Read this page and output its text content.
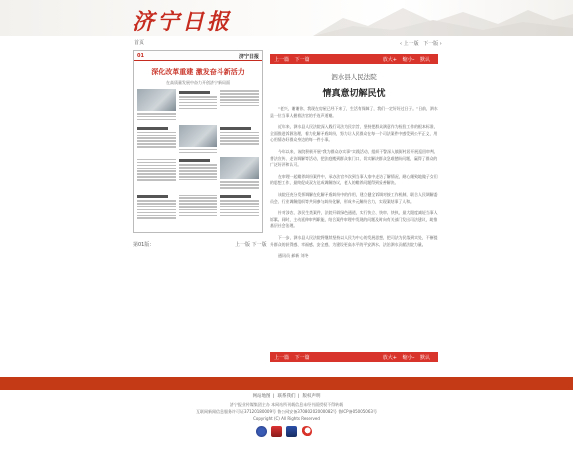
济宁日报
首页	‹ 上一版 下一版 ›
01	济宁日报
深化改革重建 激发奋斗新活力
在高质量发展中奋力开创济宁新局面
第01版：	上一版 下一版
上一篇 下一篇	放大+ 缩小- 默认
泗水县人民法院
情真意切解民忧

“老兴，谢谢你，我现在房屋已经下来了，生活有保障了，我们一定好好过日子。”日前，泗水县一位当事人握着法官的手连声道谢。

近年来，泗水县人民法院深入践行司法为民宗旨，坚持把群众满意作为检验工作的根本标准，全面推进诉源治理，着力化解矛盾纠纷，努力让人民群众在每一个司法案件中感受到公平正义，用心用情办好群众身边的每一件小事。

今年以来，该院积极开展“我为群众办实事”实践活动，组织干警深入镇街村居开展巡回审判、普法宣传、走访调解等活动，把法庭搬到群众家门口，切实解决群众急难愁盼问题，赢得了群众的广泛好评和认可。

在审理一起赡养纠纷案件中，承办法官多次到当事人家中走访了解情况，耐心细致地做子女们的思想工作，最终促成双方达成调解协议，老人的赡养问题得到妥善解决。

该院还充分发挥调解在化解矛盾纠纷中的作用，建立健全诉调对接工作机制，联合人民调解委员会、行业调解组织等共同参与纠纷化解，形成多元解纷合力，实现案结事了人和。

针对涉农、涉民生类案件，法院开辟绿色通道，实行快立、快审、快执，最大限度减轻当事人诉累。同时，主动延伸审判职能，结合案件审理中发现的问题及时向有关部门发出司法建议，助推基层社会治理。

下一步，泗水县人民法院将继续坚持以人民为中心的发展思想，把司法为民落到实处，不断提升群众的获得感、幸福感、安全感，为建设更高水平的平安泗水、法治泗水贡献法院力量。

通讯员 郝新 刘冬
上一篇 下一篇	放大+ 缩小- 默认
网站地图 | 联系我们 | 版权声明
济宁报业传媒集团主办 本网站所刊载信息未经书面授权不得转载
互联网新闻信息服务许可证37120180009号 鲁公网安备37080202000082号 鲁ICP备05005063号
Copyright (C) All Rights Reserved
